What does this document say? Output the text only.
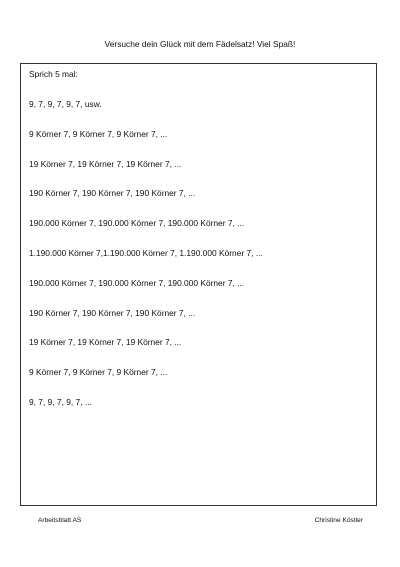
Versuche dein Glück mit dem Fädelsatz! Viel Spaß!
Sprich 5 mal:
9, 7, 9, 7, 9, 7, usw.
9 Körner 7, 9 Körner 7, 9 Körner 7, ...
19 Körner 7, 19 Körner 7, 19 Körner 7, ...
190 Körner 7, 190 Körner 7, 190 Körner 7, ...
190.000 Körner 7, 190.000 Körner 7, 190.000 Körner 7, ...
1.190.000 Körner 7,1.190.000 Körner 7, 1.190.000 Körner 7, ...
190.000 Körner 7, 190.000 Körner 7, 190.000 Körner 7, ...
190 Körner 7, 190 Körner 7, 190 Körner 7, ...
19 Körner 7, 19 Körner 7, 19 Körner 7, ...
9 Körner 7, 9 Körner 7, 9 Körner 7, ...
9, 7, 9, 7, 9, 7, ...
Arbeitsblatt AS	Christine Köstler
